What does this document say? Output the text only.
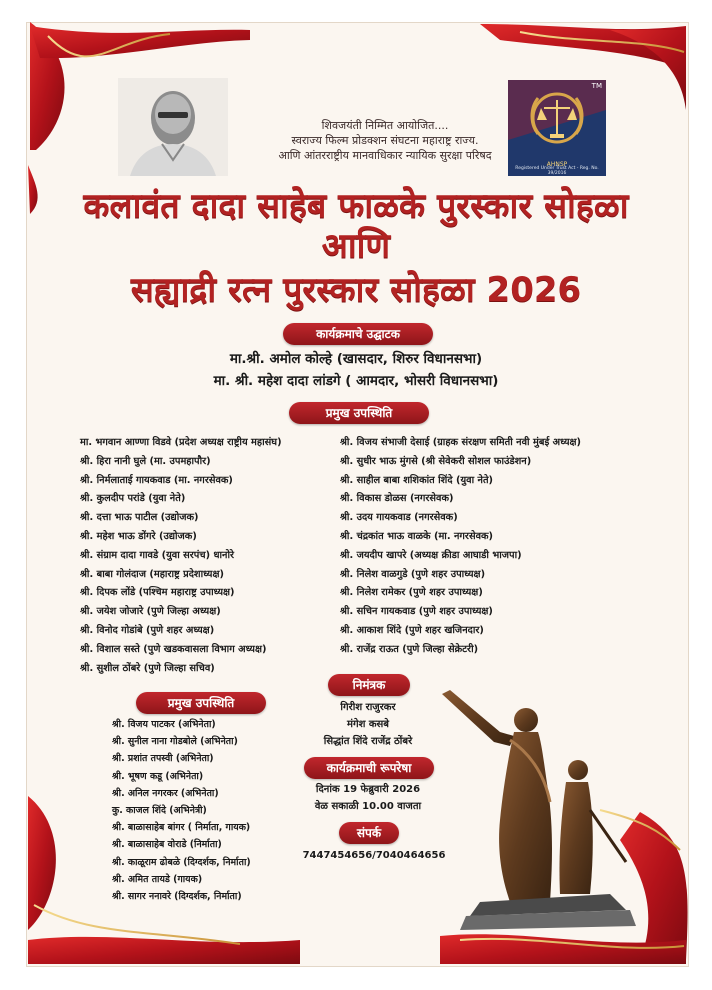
शिवजयंती निम्मित आयोजित....
स्वराज्य फिल्म प्रोडक्शन संघटना महाराष्ट्र राज्य.
आणि आंतरराष्ट्रीय मानवाधिकार न्यायिक सुरक्षा परिषद
TM
AHNSP
Registered Under Trust Act - Reg. No. 39/2016
कलावंत दादा साहेब फाळके पुरस्कार सोहळा
आणि
सह्याद्री रत्न पुरस्कार सोहळा 2026
कार्यक्रमाचे उद्घाटक
मा.श्री. अमोल कोल्हे (खासदार, शिरुर विधानसभा)
मा. श्री. महेश दादा लांडगे ( आमदार, भोसरी विधानसभा)
प्रमुख उपस्थिति
मा. भगवान आण्णा विडवे (प्रदेश अध्यक्ष राष्ट्रीय महासंघ)
श्री. हिरा नानी घुले (मा. उपमहापौर)
श्री. निर्मलाताई गायकवाड (मा. नगरसेवक)
श्री. कुलदीप परांडे (युवा नेते)
श्री. दत्ता भाऊ पाटील (उद्योजक)
श्री. महेश भाऊ डोंगरे (उद्योजक)
श्री. संग्राम दादा गावडे (युवा सरपंच) धानोरे
श्री. बाबा गोलंदाज (महाराष्ट्र प्रदेशाध्यक्ष)
श्री. दिपक लोंडे (पश्चिम महाराष्ट्र उपाध्यक्ष)
श्री. जयेश जोजारे (पुणे जिल्हा अध्यक्ष)
श्री. विनोद गोडांबे (पुणे शहर अध्यक्ष)
श्री. विशाल सस्ते (पुणे खडकवासला विभाग अध्यक्ष)
श्री. सुशील ठोंबरे (पुणे जिल्हा सचिव)
श्री. विजय संभाजी देसाई (ग्राहक संरक्षण समिती नवी मुंबई अध्यक्ष)
श्री. सुधीर भाऊ मुंगसे (श्री सेवेकरी सोशल फाउंडेशन)
श्री. साहील बाबा शशिकांत शिंदे (युवा नेते)
श्री. विकास डोळस (नगरसेवक)
श्री. उदय गायकवाड (नगरसेवक)
श्री. चंद्रकांत भाऊ वाळके (मा. नगरसेवक)
श्री. जयदीप खापरे (अध्यक्ष क्रीडा आघाडी भाजपा)
श्री. निलेश वाळगुडे (पुणे शहर उपाध्यक्ष)
श्री. निलेश रामेकर (पुणे शहर उपाध्यक्ष)
श्री. सचिन गायकवाड (पुणे शहर उपाध्यक्ष)
श्री. आकाश शिंदे (पुणे शहर खजिनदार)
श्री. राजेंद्र राऊत (पुणे जिल्हा सेक्रेटरी)
प्रमुख उपस्थिति
श्री. विजय पाटकर (अभिनेता)
श्री. सुनील नाना गोडबोले (अभिनेता)
श्री. प्रशांत तपस्वी (अभिनेता)
श्री. भूषण कडू (अभिनेता)
श्री. अनिल नगरकर (अभिनेता)
कु. काजल शिंदे (अभिनेत्री)
श्री. बाळासाहेब बांगर ( निर्माता, गायक)
श्री. बाळासाहेब वोराडे (निर्माता)
श्री. काळूराम ढोबळे (दिग्दर्शक, निर्माता)
श्री. अमित तायडे (गायक)
श्री. सागर ननावरे (दिग्दर्शक, निर्माता)
निमंत्रक
गिरीश राजुरकर
मंगेश कसबे
सिद्धांत शिंदे राजेंद्र ठोंबरे
कार्यक्रमाची रूपरेषा
दिनांक 19 फेब्रुवारी 2026
वेळ सकाळी 10.00 वाजता
संपर्क
7447454656/7040464656
